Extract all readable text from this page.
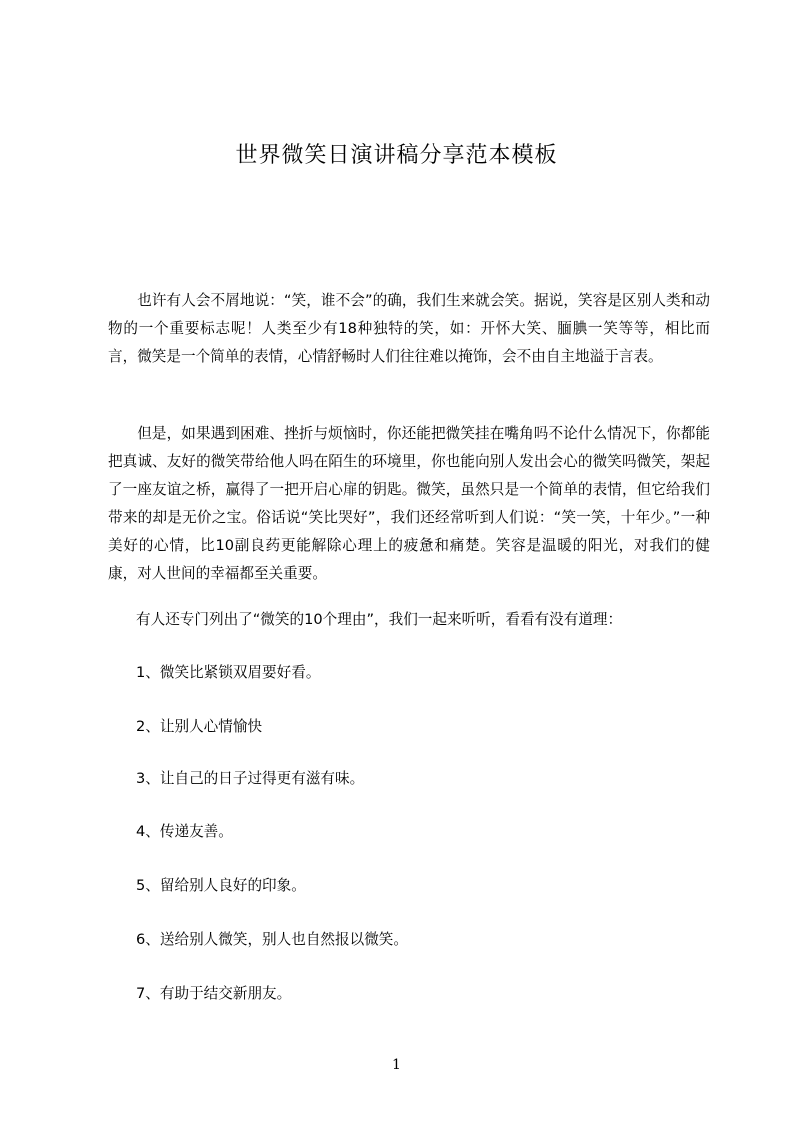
世界微笑日演讲稿分享范本模板

也许有人会不屑地说：“笑，谁不会”的确，我们生来就会笑。据说，笑容是区别人类和动物的一个重要标志呢！人类至少有18种独特的笑，如：开怀大笑、腼腆一笑等等，相比而言，微笑是一个简单的表情，心情舒畅时人们往往难以掩饰，会不由自主地溢于言表。

但是，如果遇到困难、挫折与烦恼时，你还能把微笑挂在嘴角吗不论什么情况下，你都能把真诚、友好的微笑带给他人吗在陌生的环境里，你也能向别人发出会心的微笑吗微笑，架起了一座友谊之桥，赢得了一把开启心扉的钥匙。微笑，虽然只是一个简单的表情，但它给我们带来的却是无价之宝。俗话说“笑比哭好”，我们还经常听到人们说：“笑一笑，十年少。”一种美好的心情，比10副良药更能解除心理上的疲惫和痛楚。笑容是温暖的阳光，对我们的健康，对人世间的幸福都至关重要。

有人还专门列出了“微笑的10个理由”，我们一起来听听，看看有没有道理：

1、微笑比紧锁双眉要好看。

2、让别人心情愉快

3、让自己的日子过得更有滋有味。

4、传递友善。

5、留给别人良好的印象。

6、送给别人微笑，别人也自然报以微笑。

7、有助于结交新朋友。

1
